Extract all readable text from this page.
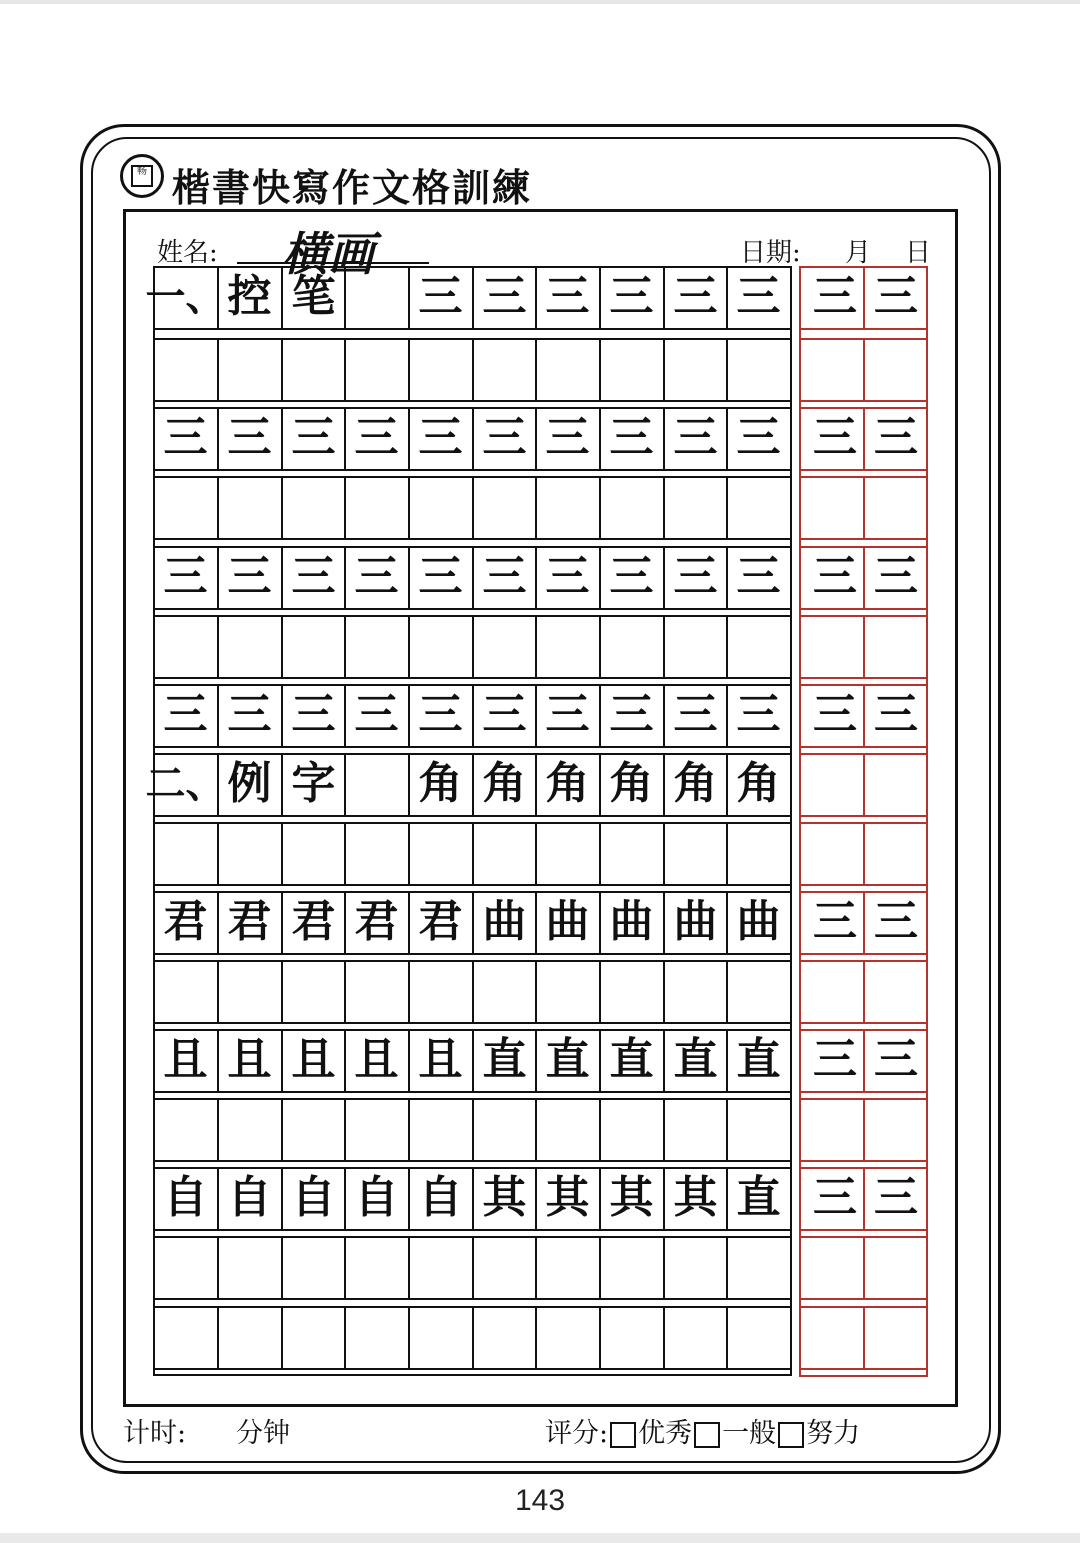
畅 楷書快寫作文格訓練
姓名: 横画	日期: 月 日
一、 控 笔 三 三 三 三 三 三 三 三
三 三 三 三 三 三 三 三 三 三 三 三
三 三 三 三 三 三 三 三 三 三 三 三
三 三 三 三 三 三 三 三 三 三 三 三
二、 例 字 角 角 角 角 角 角
君 君 君 君 君 曲 曲 曲 曲 曲 三 三
且 且 且 且 且 直 直 直 直 直 三 三
自 自 自 自 自 其 其 其 其 直 三 三
计时: 分钟	评分: 优秀 一般 努力
143
